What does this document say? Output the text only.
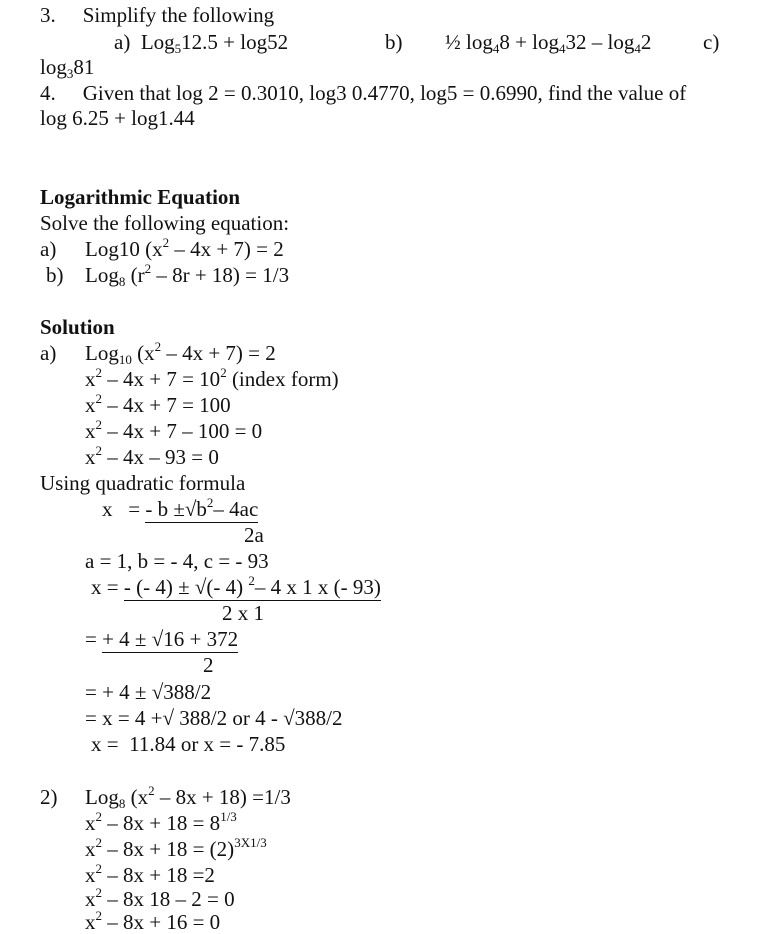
3. Simplify the following
a) Log$_5$12.5 + log52	b) ½ $\log_48 + \log_432 - \log_42$ c)
$\log_381$
4. Given that log 2 = 0.3010, log3 0.4770, log5 = 0.6990, find the value of
log 6.25 + log1.44
Logarithmic Equation
Solve the following equation:
a) Log10 $(x^2 - 4x + 7) = 2$
b) Log$_8$ $(r^2 - 8r + 18) = 1/3$
Solution
a) Log$_{10}$ $(x^2 - 4x + 7) = 2$
$x^2 - 4x + 7 = 10^2$ (index form)
$x^2 - 4x + 7 = 100$
$x^2 - 4x + 7 - 100 = 0$
$x^2 - 4x - 93 = 0$
Using quadratic formula
x   = - $b \pm√b^2-$ 4ac
2a
a = 1, b = - 4, c = - 93
x = - (- 4) ± √(- 4) $^2$– 4 x 1 x (- 93)
2 x 1
= + 4 ± √16 + 372
2
= + 4 ± √388/2
= x = 4 +√ 388/2 or 4 - √388/2
x =  11.84 or x = - 7.85
2) Log$_8$ $(x^2 - 8x + 18) =1/3$
$x^2 - 8x + 18 = 8^{1/3}$
$x^2 - 8x + 18 = (2)^{3X1/3}$
$x^2 - 8x + 18 =2$
$x^2 - 8x$ 18 – 2 = 0
$x^2 - 8x + 16 = 0$
